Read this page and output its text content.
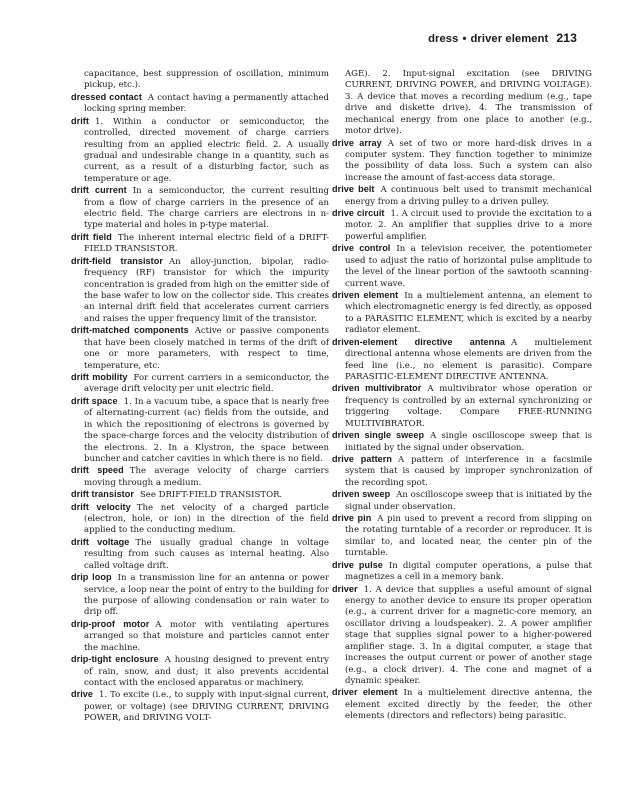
dress • driver element 213

capacitance, best suppression of oscillation, minimum pickup, etc.).

dressed contact A contact having a permanently attached locking spring member.

drift 1. Within a conductor or semiconductor, the controlled, directed movement of charge carriers resulting from an applied electric field. 2. A usually gradual and undesirable change in a quantity, such as current, as a result of a disturbing factor, such as temperature or age.

drift current In a semiconductor, the current resulting from a flow of charge carriers in the presence of an electric field. The charge carriers are electrons in n-type material and holes in p-type material.

drift field The inherent internal electric field of a DRIFT-FIELD TRANSISTOR.

drift-field transistor An alloy-junction, bipolar, radio-frequency (RF) transistor for which the impurity concentration is graded from high on the emitter side of the base wafer to low on the collector side. This creates an internal drift field that accelerates current carriers and raises the upper frequency limit of the transistor.

drift-matched components Active or passive components that have been closely matched in terms of the drift of one or more parameters, with respect to time, temperature, etc.

drift mobility For current carriers in a semiconductor, the average drift velocity per unit electric field.

drift space 1. In a vacuum tube, a space that is nearly free of alternating-current (ac) fields from the outside, and in which the repositioning of electrons is governed by the space-charge forces and the velocity distribution of the electrons. 2. In a Klystron, the space between buncher and catcher cavities in which there is no field.

drift speed The average velocity of charge carriers moving through a medium.

drift transistor See DRIFT-FIELD TRANSISTOR.

drift velocity The net velocity of a charged particle (electron, hole, or ion) in the direction of the field applied to the conducting medium.

drift voltage The usually gradual change in voltage resulting from such causes as internal heating. Also called voltage drift.

drip loop In a transmission line for an antenna or power service, a loop near the point of entry to the building for the purpose of allowing condensation or rain water to drip off.

drip-proof motor A motor with ventilating apertures arranged so that moisture and particles cannot enter the machine.

drip-tight enclosure A housing designed to prevent entry of rain, snow, and dust; it also prevents accidental contact with the enclosed apparatus or machinery.

drive 1. To excite (i.e., to supply with input-signal current, power, or voltage) (see DRIVING CURRENT, DRIVING POWER, and DRIVING VOLT-

AGE). 2. Input-signal excitation (see DRIVING CURRENT, DRIVING POWER, and DRIVING VOLTAGE). 3. A device that moves a recording medium (e.g., tape drive and diskette drive). 4. The transmission of mechanical energy from one place to another (e.g., motor drive).

drive array A set of two or more hard-disk drives in a computer system. They function together to minimize the possibility of data loss. Such a system can also increase the amount of fast-access data storage.

drive belt A continuous belt used to transmit mechanical energy from a driving pulley to a driven pulley.

drive circuit 1. A circuit used to provide the excitation to a motor. 2. An amplifier that supplies drive to a more powerful amplifier.

drive control In a television receiver, the potentiometer used to adjust the ratio of horizontal pulse amplitude to the level of the linear portion of the sawtooth scanning-current wave.

driven element In a multielement antenna, an element to which electromagnetic energy is fed directly, as opposed to a PARASITIC ELEMENT, which is excited by a nearby radiator element.

driven-element directive antenna A multielement directional antenna whose elements are driven from the feed line (i.e., no element is parasitic). Compare PARASITIC-ELEMENT DIRECTIVE ANTENNA.

driven multivibrator A multivibrator whose operation or frequency is controlled by an external synchronizing or triggering voltage. Compare FREE-RUNNING MULTIVIBRATOR.

driven single sweep A single oscilloscope sweep that is initiated by the signal under observation.

drive pattern A pattern of interference in a facsimile system that is caused by improper synchronization of the recording spot.

driven sweep An oscilloscope sweep that is initiated by the signal under observation.

drive pin A pin used to prevent a record from slipping on the rotating turntable of a recorder or reproducer. It is similar to, and located near, the center pin of the turntable.

drive pulse In digital computer operations, a pulse that magnetizes a cell in a memory bank.

driver 1. A device that supplies a useful amount of signal energy to another device to ensure its proper operation (e.g., a current driver for a magnetic-core memory, an oscillator driving a loudspeaker). 2. A power amplifier stage that supplies signal power to a higher-powered amplifier stage. 3. In a digital computer, a stage that increases the output current or power of another stage (e.g., a clock driver). 4. The cone and magnet of a dynamic speaker.

driver element In a multielement directive antenna, the element excited directly by the feeder, the other elements (directors and reflectors) being parasitic.
